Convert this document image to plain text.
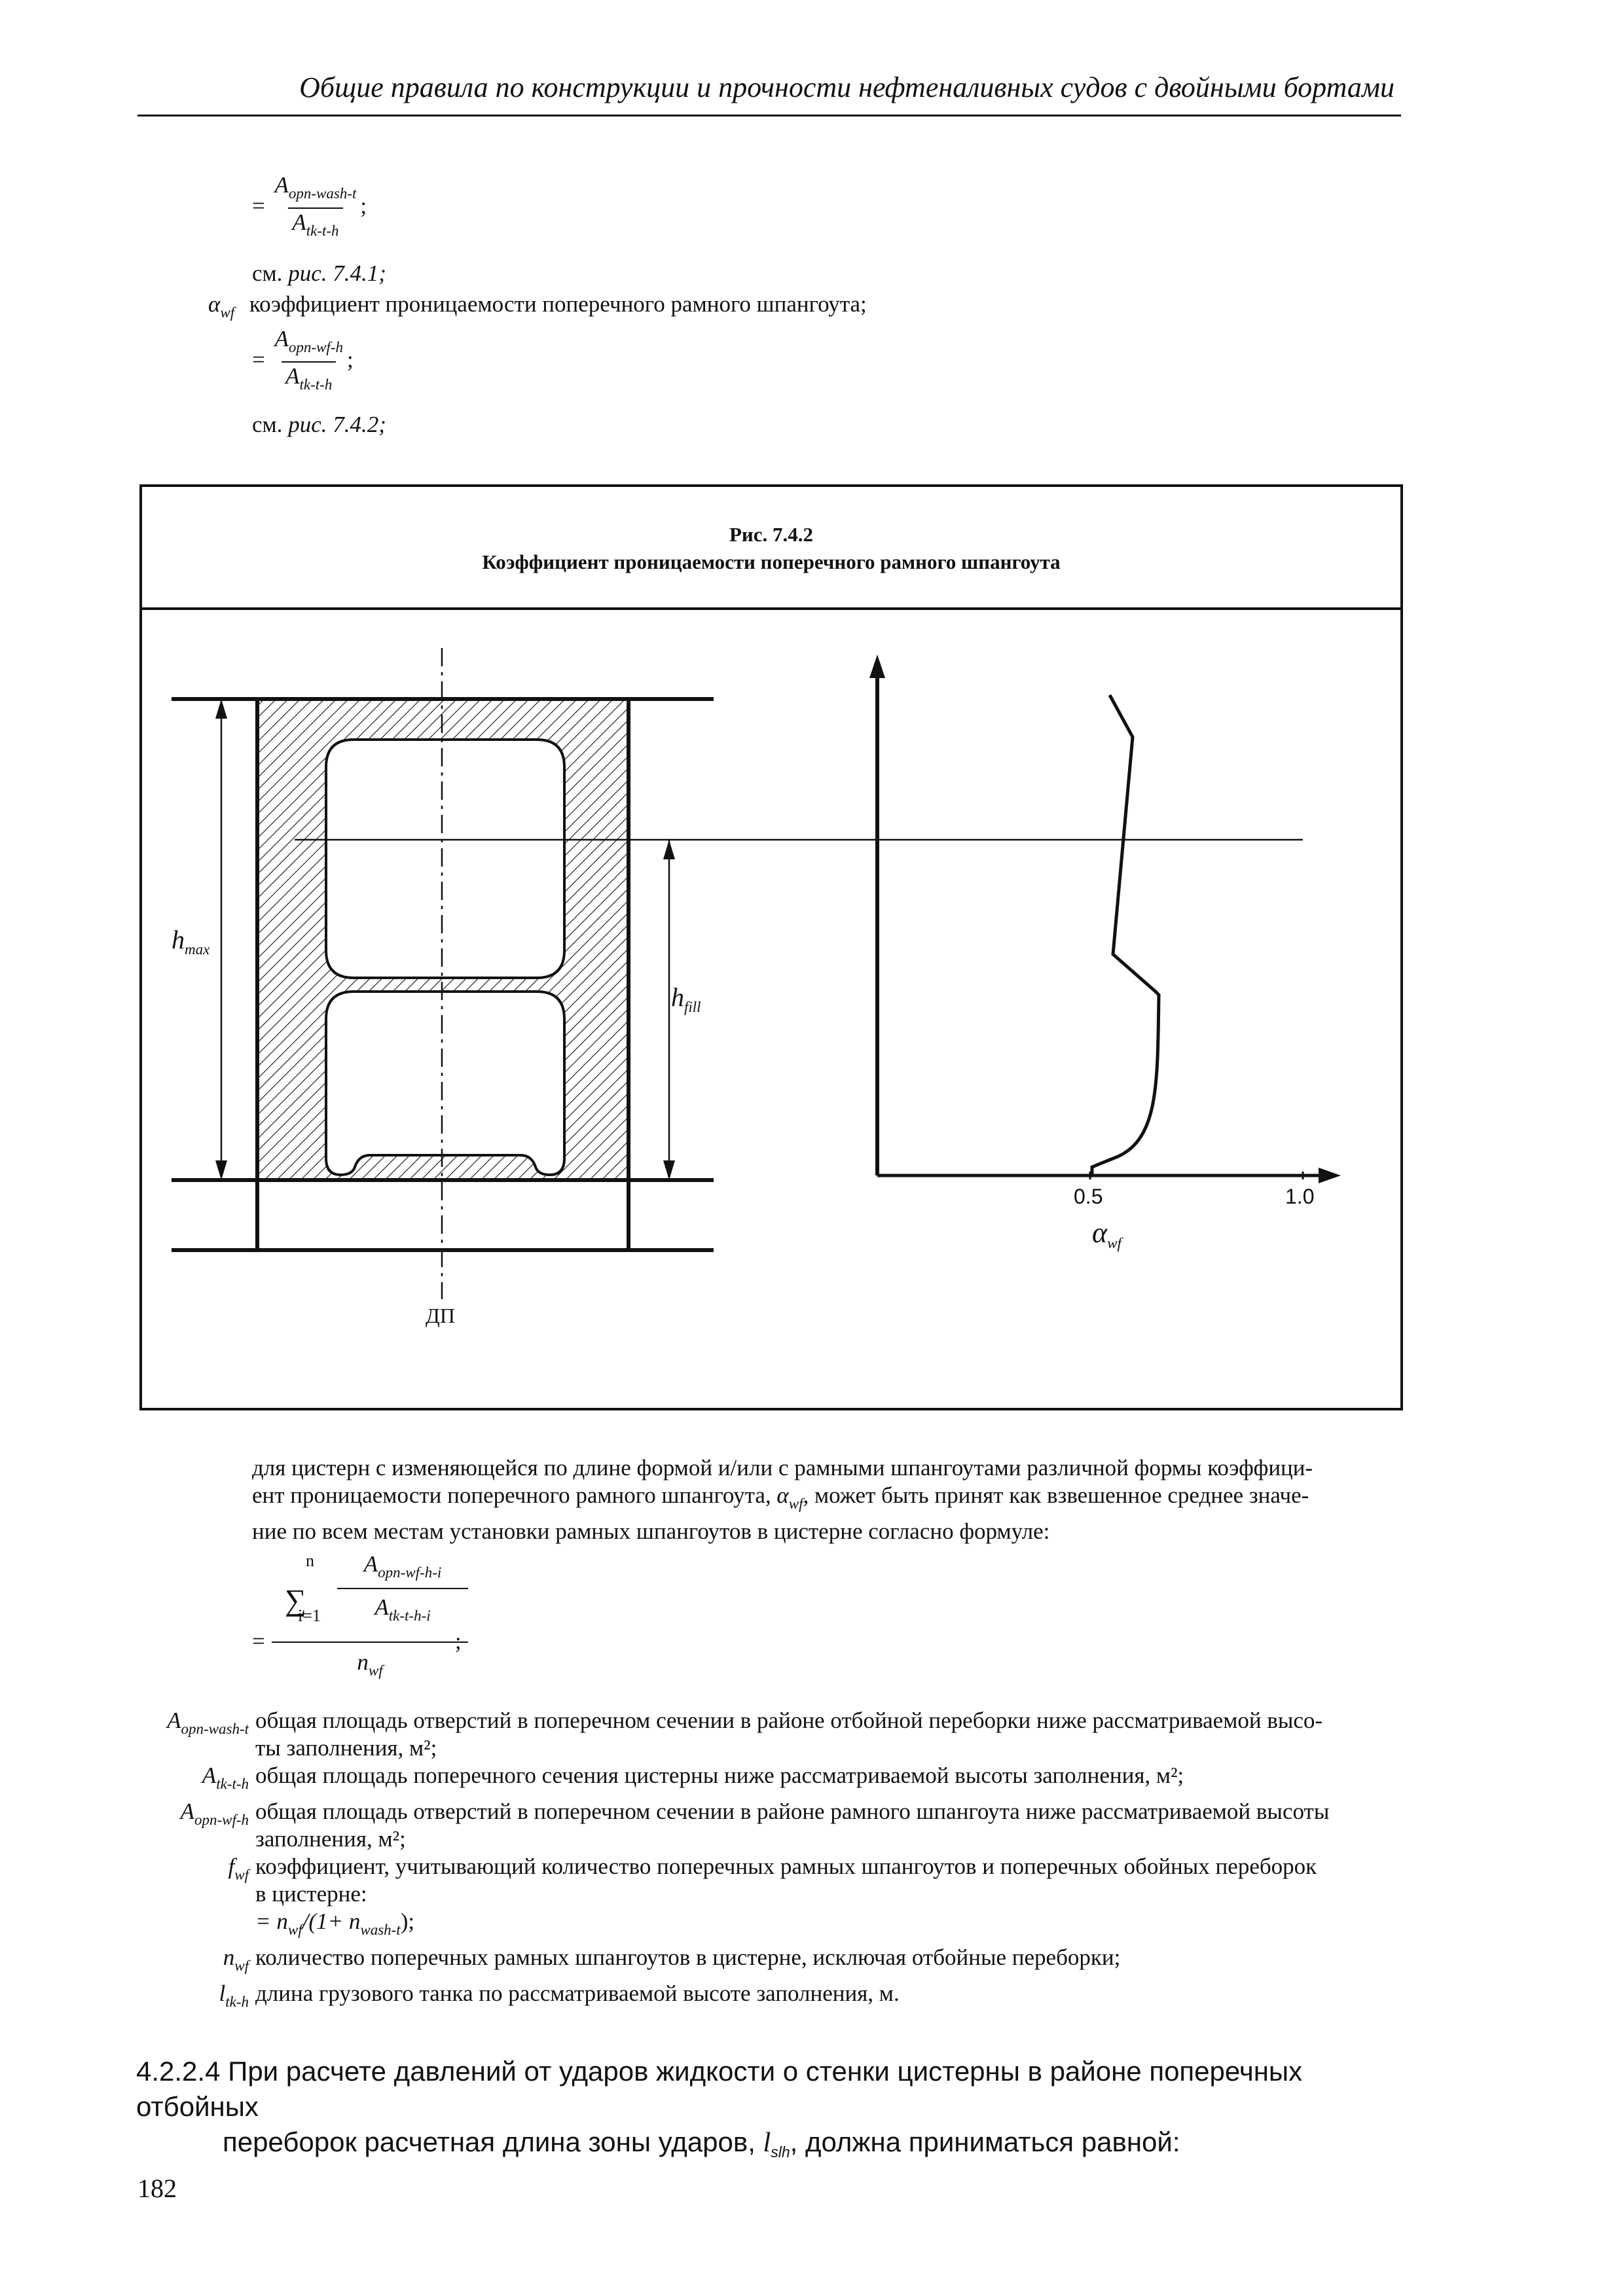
Общие правила по конструкции и прочности нефтеналивных судов с двойными бортами
= $\frac{A_{opn-wash-t}}{A_{tk-t-h}}$ ;
см. рис. 7.4.1;
$\alpha_{wf}$ коэффициент проницаемости поперечного рамного шпангоута;
= $\frac{A_{opn-wf-h}}{A_{tk-t-h}}$ ;
см. рис. 7.4.2;
Рис. 7.4.2
Коэффициент проницаемости поперечного рамного шпангоута
$h_{max}$
$h_{fill}$
ДП
0.5	1.0
$\alpha_{wf}$
для цистерн с изменяющейся по длине формой и/или с рамными шпангоутами различной формы коэффици-
ент проницаемости поперечного рамного шпангоута, $\alpha_{wf}$, может быть принят как взвешенное среднее значе-
ние по всем местам установки рамных шпангоутов в цистерне согласно формуле:
∑
n
i=1
$A_{opn-wf-h-i}$
$A_{tk-t-h-i}$
=	;
$n_{wf}$
$A_{opn-wash-t}$ общая площадь отверстий в поперечном сечении в районе отбойной переборки ниже рассматриваемой высо-
ты заполнения, м²;
$A_{tk-t-h}$ общая площадь поперечного сечения цистерны ниже рассматриваемой высоты заполнения, м²;
$A_{opn-wf-h}$ общая площадь отверстий в поперечном сечении в районе рамного шпангоута ниже рассматриваемой высоты
заполнения, м²;
$f_{wf}$ коэффициент, учитывающий количество поперечных рамных шпангоутов и поперечных обойных переборок
в цистерне:
= $n_{wf}/(1+ n_{wash-t})$;
$n_{wf}$ количество поперечных рамных шпангоутов в цистерне, исключая отбойные переборки;
$l_{tk-h}$ длина грузового танка по рассматриваемой высоте заполнения, м.
4.2.2.4 При расчете давлений от ударов жидкости о стенки цистерны в районе поперечных отбойных
переборок расчетная длина зоны ударов, $l_{slh}$, должна приниматься равной:
182
